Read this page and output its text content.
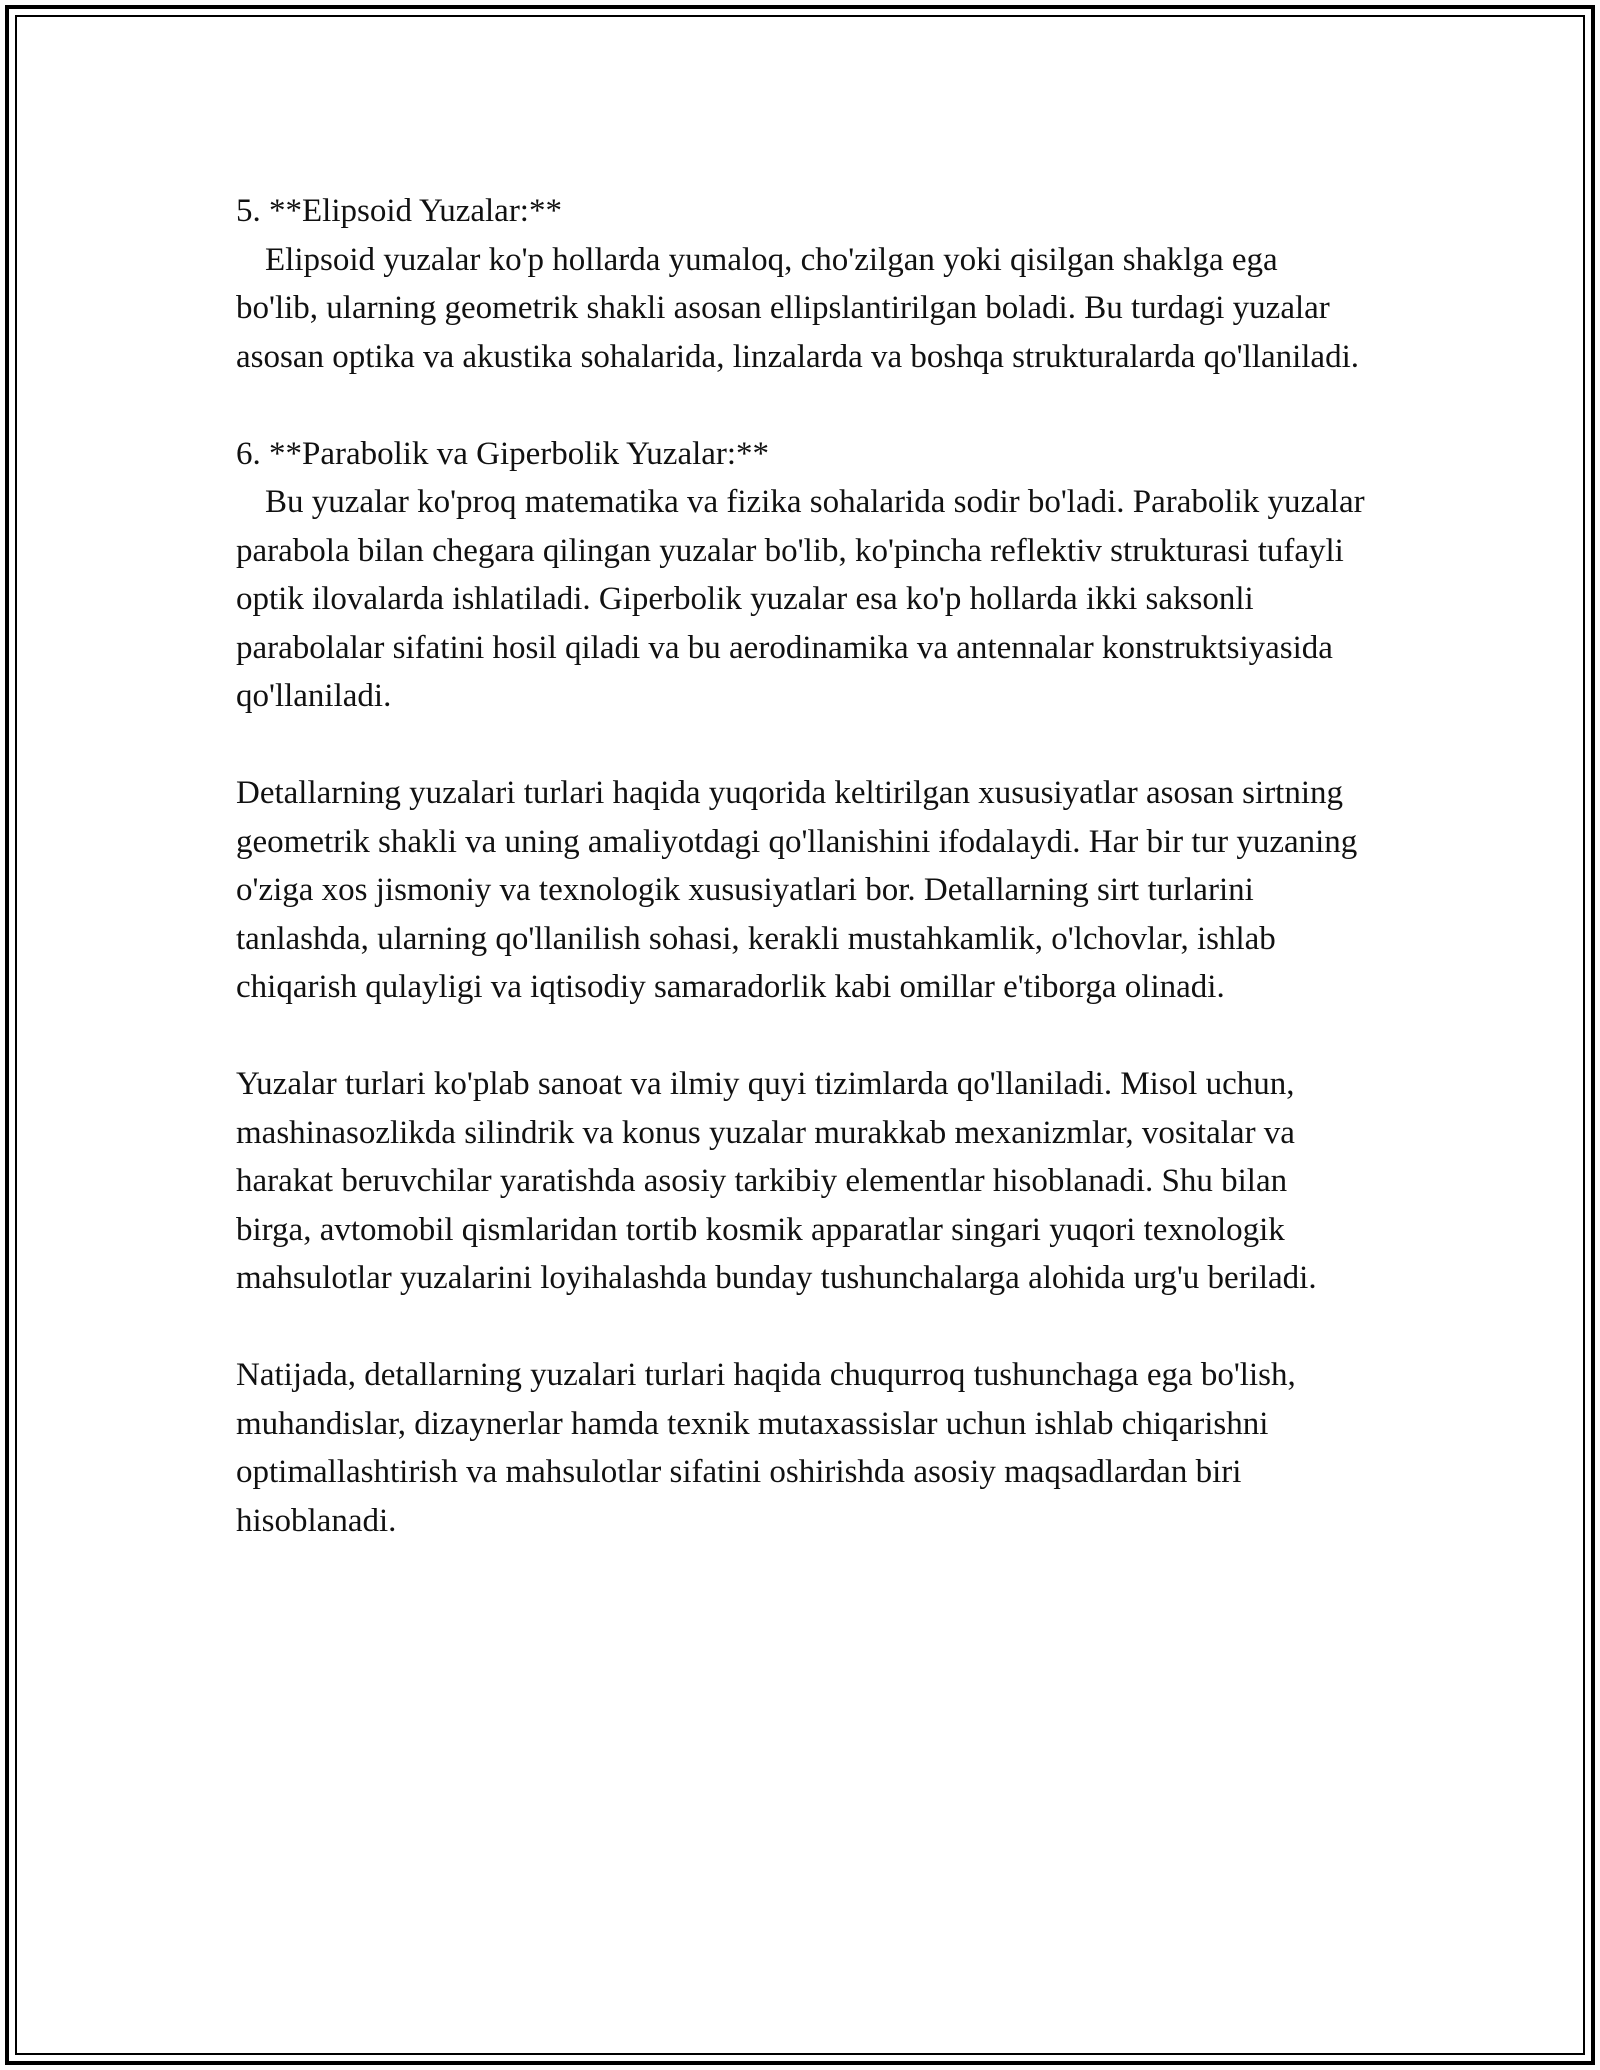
5. **Elipsoid Yuzalar:**
Elipsoid yuzalar ko'p hollarda yumaloq, cho'zilgan yoki qisilgan shaklga ega bo'lib, ularning geometrik shakli asosan ellipslantirilgan boladi. Bu turdagi yuzalar asosan optika va akustika sohalarida, linzalarda va boshqa strukturalarda qo'llaniladi.
6. **Parabolik va Giperbolik Yuzalar:**
Bu yuzalar ko'proq matematika va fizika sohalarida sodir bo'ladi. Parabolik yuzalar parabola bilan chegara qilingan yuzalar bo'lib, ko'pincha reflektiv strukturasi tufayli optik ilovalarda ishlatiladi. Giperbolik yuzalar esa ko'p hollarda ikki saksonli parabolalar sifatini hosil qiladi va bu aerodinamika va antennalar konstruktsiyasida qo'llaniladi.
Detallarning yuzalari turlari haqida yuqorida keltirilgan xususiyatlar asosan sirtning geometrik shakli va uning amaliyotdagi qo'llanishini ifodalaydi. Har bir tur yuzaning o'ziga xos jismoniy va texnologik xususiyatlari bor. Detallarning sirt turlarini tanlashda, ularning qo'llanilish sohasi, kerakli mustahkamlik, o'lchovlar, ishlab chiqarish qulayligi va iqtisodiy samaradorlik kabi omillar e'tiborga olinadi.
Yuzalar turlari ko'plab sanoat va ilmiy quyi tizimlarda qo'llaniladi. Misol uchun, mashinasozlikda silindrik va konus yuzalar murakkab mexanizmlar, vositalar va harakat beruvchilar yaratishda asosiy tarkibiy elementlar hisoblanadi. Shu bilan birga, avtomobil qismlaridan tortib kosmik apparatlar singari yuqori texnologik mahsulotlar yuzalarini loyihalashda bunday tushunchalarga alohida urg'u beriladi.
Natijada, detallarning yuzalari turlari haqida chuqurroq tushunchaga ega bo'lish, muhandislar, dizaynerlar hamda texnik mutaxassislar uchun ishlab chiqarishni optimallashtirish va mahsulotlar sifatini oshirishda asosiy maqsadlardan biri hisoblanadi.
